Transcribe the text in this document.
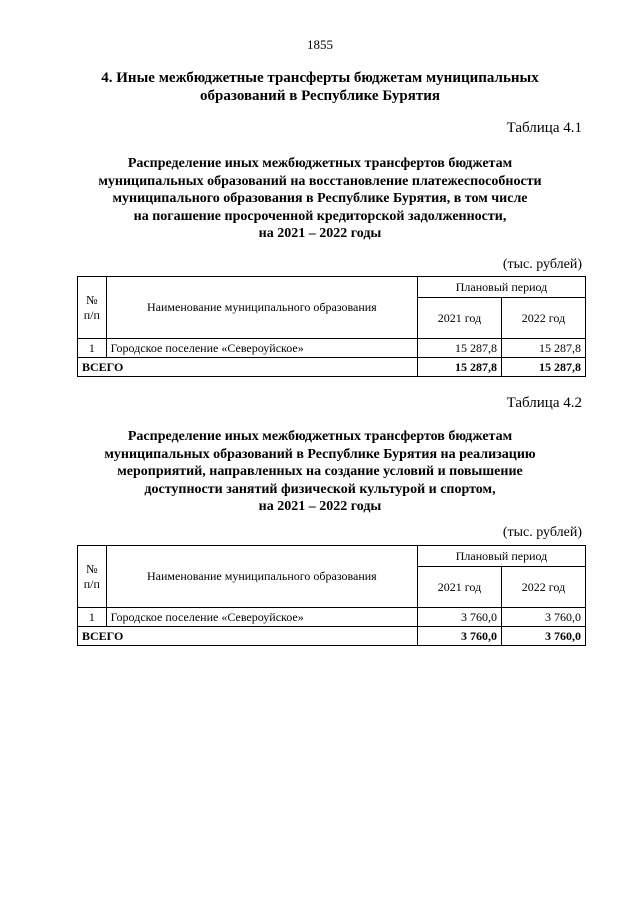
1855
4. Иные межбюджетные трансферты бюджетам муниципальных
образований в Республике Бурятия
Таблица 4.1
Распределение иных межбюджетных трансфертов бюджетам
муниципальных образований на восстановление платежеспособности
муниципального образования в Республике Бурятия, в том числе
на погашение просроченной кредиторской задолженности,
на 2021 – 2022 годы
(тыс. рублей)
№ п/п	Наименование муниципального образования	Плановый период	
		2021 год	2022 год
1	Городское поселение «Североуйское»	15 287,8	15 287,8
ВСЕГО		15 287,8	15 287,8
Таблица 4.2
Распределение иных межбюджетных трансфертов бюджетам
муниципальных образований в Республике Бурятия на реализацию
мероприятий, направленных на создание условий и повышение
доступности занятий физической культурой и спортом,
на 2021 – 2022 годы
(тыс. рублей)
№ п/п	Наименование муниципального образования	Плановый период	
		2021 год	2022 год
1	Городское поселение «Североуйское»	3 760,0	3 760,0
ВСЕГО		3 760,0	3 760,0
